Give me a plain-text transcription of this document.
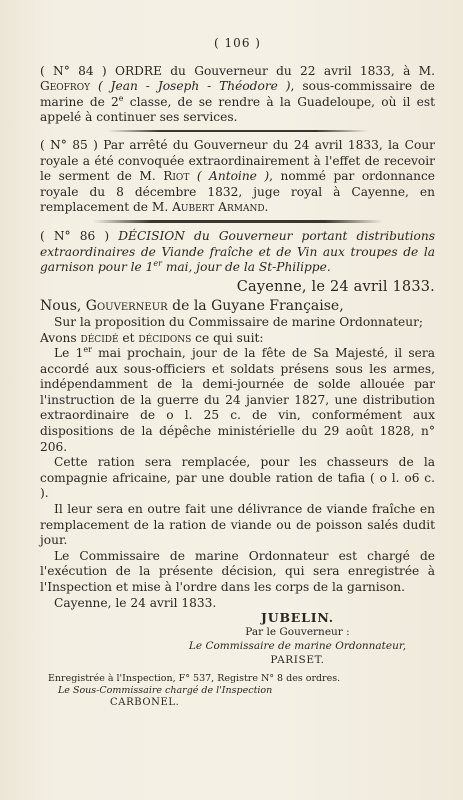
( 106 )
( N° 84 ) ORDRE du Gouverneur du 22 avril 1833, à M. Geofroy ( Jean - Joseph - Théodore ), sous-commissaire de marine de 2e classe, de se rendre à la Guadeloupe, où il est appelé à continuer ses services.
( N° 85 ) Par arrêté du Gouverneur du 24 avril 1833, la Cour royale a été convoquée extraordinairement à l'effet de recevoir le serment de M. Riot ( Antoine ), nommé par ordonnance royale du 8 décembre 1832, juge royal à Cayenne, en remplacement de M. Aubert Armand.
( N° 86 ) DÉCISION du Gouverneur portant distributions extraordinaires de Viande fraîche et de Vin aux troupes de la garnison pour le 1er mai, jour de la St-Philippe.
Cayenne, le 24 avril 1833.
Nous, Gouverneur de la Guyane Française,

Sur la proposition du Commissaire de marine Ordonnateur;

Avons décidé et décidons ce qui suit:

Le 1er mai prochain, jour de la fête de Sa Majesté, il sera accordé aux sous-officiers et soldats présens sous les armes, indépendamment de la demi-journée de solde allouée par l'instruction de la guerre du 24 janvier 1827, une distribution extraordinaire de o l. 25 c. de vin, conformément aux dispositions de la dépêche ministérielle du 29 août 1828, n° 206.

Cette ration sera remplacée, pour les chasseurs de la compagnie africaine, par une double ration de tafia ( o l. o6 c. ).

Il leur sera en outre fait une délivrance de viande fraîche en remplacement de la ration de viande ou de poisson salés dudit jour.

Le Commissaire de marine Ordonnateur est chargé de l'exécution de la présente décision, qui sera enregistrée à l'Inspection et mise à l'ordre dans les corps de la garnison.

Cayenne, le 24 avril 1833.

JUBELIN.
Par le Gouverneur :
Le Commissaire de marine Ordonnateur,
PARISET.
Enregistrée à l'Inspection, F° 537, Registre N° 8 des ordres.
Le Sous-Commissaire chargé de l'Inspection
CARBONEL.
